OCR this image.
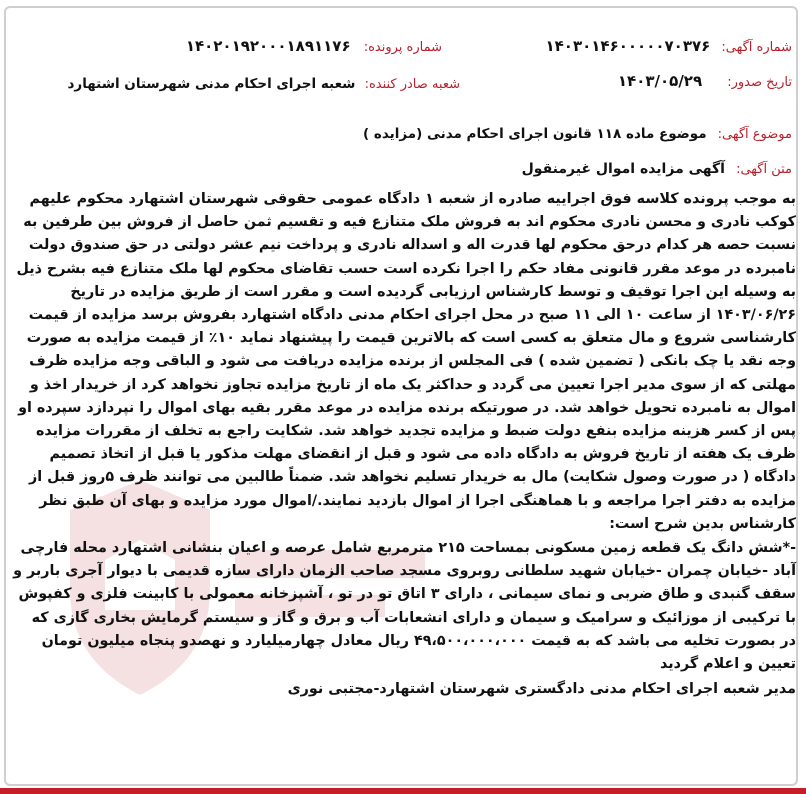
شماره آگهی: ۱۴۰۳۰۱۴۶۰۰۰۰۰۷۰۳۷۶
شماره پرونده: ۱۴۰۲۰۱۹۲۰۰۰۱۸۹۱۱۷۶
تاریخ صدور: ۱۴۰۳/۰۵/۲۹
شعبه صادر کننده: شعبه اجرای احکام مدنی شهرستان اشتهارد
موضوع آگهی: موضوع ماده ۱۱۸ قانون اجرای احکام مدنی (مزایده )
متن آگهی: آگهی مزایده اموال غیرمنقول

به موجب پرونده کلاسه فوق اجراییه صادره از شعبه ۱ دادگاه عمومی حقوقی شهرستان اشتهارد محکوم علیهم کوکب نادری و محسن نادری محکوم اند به فروش ملک متنازع فیه و تقسیم ثمن حاصل از فروش بین طرفین به نسبت حصه هر کدام درحق محکوم لها قدرت اله و اسداله نادری و پرداخت نیم عشر دولتی در حق صندوق دولت نامبرده در موعد مقرر قانونی مفاد حکم را اجرا نکرده است حسب تقاضای محکوم لها ملک متنازع فیه بشرح ذیل به وسیله این اجرا توقیف و توسط کارشناس ارزیابی گردیده است و مقرر است از طریق مزایده در تاریخ ۱۴۰۳/۰۶/۲۶ از ساعت ۱۰ الی ۱۱ صبح در محل اجرای احکام مدنی دادگاه اشتهارد بفروش برسد مزایده از قیمت کارشناسی شروع و مال متعلق به کسی است که بالاترین قیمت را پیشنهاد نماید ۱۰٪ از قیمت مزایده به صورت وجه نقد یا چک بانکی ( تضمین شده ) فی المجلس از برنده مزایده دریافت می شود و الباقی وجه مزایده ظرف مهلتی که از سوی مدیر اجرا تعیین می گردد و حداکثر یک ماه از تاریخ مزایده تجاوز نخواهد کرد از خریدار اخذ و اموال به نامبرده تحویل خواهد شد. در صورتیکه برنده مزایده در موعد مقرر بقیه بهای اموال را نپردازد سپرده او پس از کسر هزینه مزایده بنفع دولت ضبط و مزایده تجدید خواهد شد. شکایت راجع به تخلف از مقررات مزایده ظرف یک هفته از تاریخ فروش به دادگاه داده می شود و قبل از انقضای مهلت مذکور یا قبل از اتخاذ تصمیم دادگاه ( در صورت وصول شکایت) مال به خریدار تسلیم نخواهد شد. ضمناً طالبین می توانند ظرف ۵روز قبل از مزایده به دفتر اجرا مراجعه و با هماهنگی اجرا از اموال بازدید نمایند./اموال مورد مزایده و بهای آن طبق نظر کارشناس بدین شرح است:

-*شش دانگ یک قطعه زمین مسکونی بمساحت ۲۱۵ مترمربع شامل عرصه و اعیان بنشانی اشتهارد محله فارچی آباد -خیابان چمران -خیابان شهید سلطانی روبروی مسجد صاحب الزمان دارای سازه قدیمی با دیوار آجری باربر و سقف گنبدی و طاق ضربی و نمای سیمانی ، دارای ۳ اتاق تو در تو ، آشپزخانه معمولی با کابینت فلزی و کفپوش با ترکیبی از موزائیک و سرامیک و سیمان و دارای انشعابات آب و برق و گاز و سیستم گرمایش بخاری گازی که در بصورت تخلیه می باشد که به قیمت ۴۹،۵۰۰،۰۰۰،۰۰۰ ریال معادل چهارمیلیارد و نهصدو پنجاه میلیون تومان تعیین و اعلام گردید

مدیر شعبه اجرای احکام مدنی دادگستری شهرستان اشتهارد-مجتبی نوری
